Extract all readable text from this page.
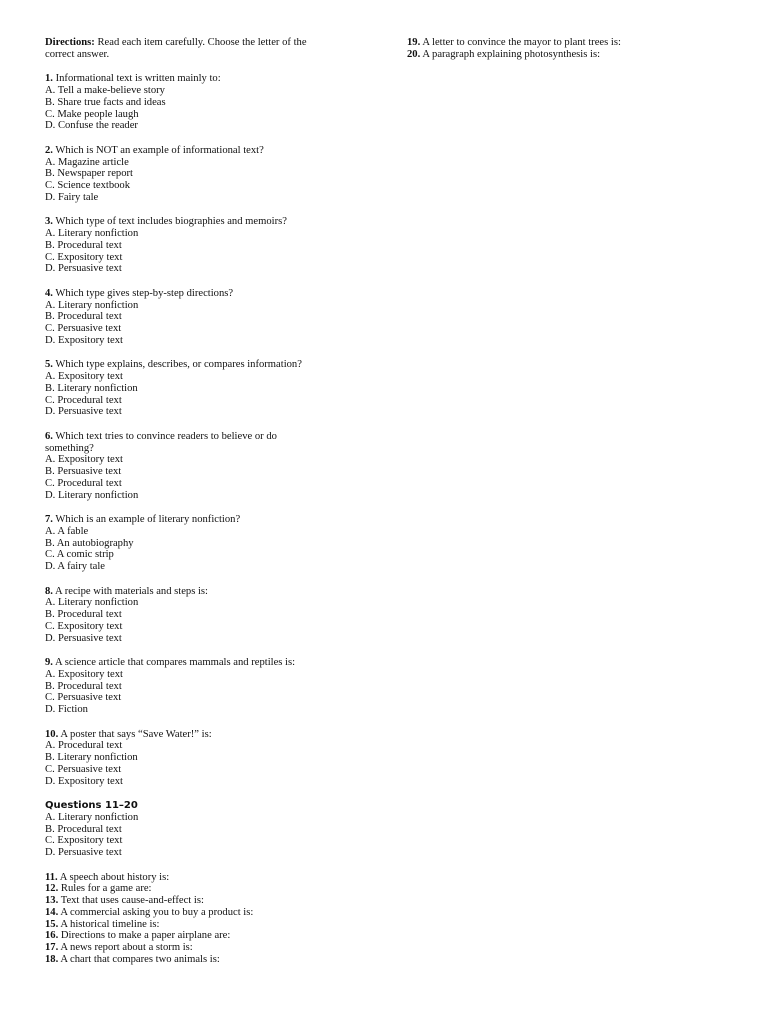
Directions: Read each item carefully. Choose the letter of the
correct answer.
1. Informational text is written mainly to:
A. Tell a make-believe story
B. Share true facts and ideas
C. Make people laugh
D. Confuse the reader
2. Which is NOT an example of informational text?
A. Magazine article
B. Newspaper report
C. Science textbook
D. Fairy tale
3. Which type of text includes biographies and memoirs?
A. Literary nonfiction
B. Procedural text
C. Expository text
D. Persuasive text
4. Which type gives step-by-step directions?
A. Literary nonfiction
B. Procedural text
C. Persuasive text
D. Expository text
5. Which type explains, describes, or compares information?
A. Expository text
B. Literary nonfiction
C. Procedural text
D. Persuasive text
6. Which text tries to convince readers to believe or do
something?
A. Expository text
B. Persuasive text
C. Procedural text
D. Literary nonfiction
7. Which is an example of literary nonfiction?
A. A fable
B. An autobiography
C. A comic strip
D. A fairy tale
8. A recipe with materials and steps is:
A. Literary nonfiction
B. Procedural text
C. Expository text
D. Persuasive text
9. A science article that compares mammals and reptiles is:
A. Expository text
B. Procedural text
C. Persuasive text
D. Fiction
10. A poster that says “Save Water!” is:
A. Procedural text
B. Literary nonfiction
C. Persuasive text
D. Expository text
Questions 11–20
A. Literary nonfiction
B. Procedural text
C. Expository text
D. Persuasive text
11. A speech about history is:
12. Rules for a game are:
13. Text that uses cause-and-effect is:
14. A commercial asking you to buy a product is:
15. A historical timeline is:
16. Directions to make a paper airplane are:
17. A news report about a storm is:
18. A chart that compares two animals is:
19. A letter to convince the mayor to plant trees is:
20. A paragraph explaining photosynthesis is:
